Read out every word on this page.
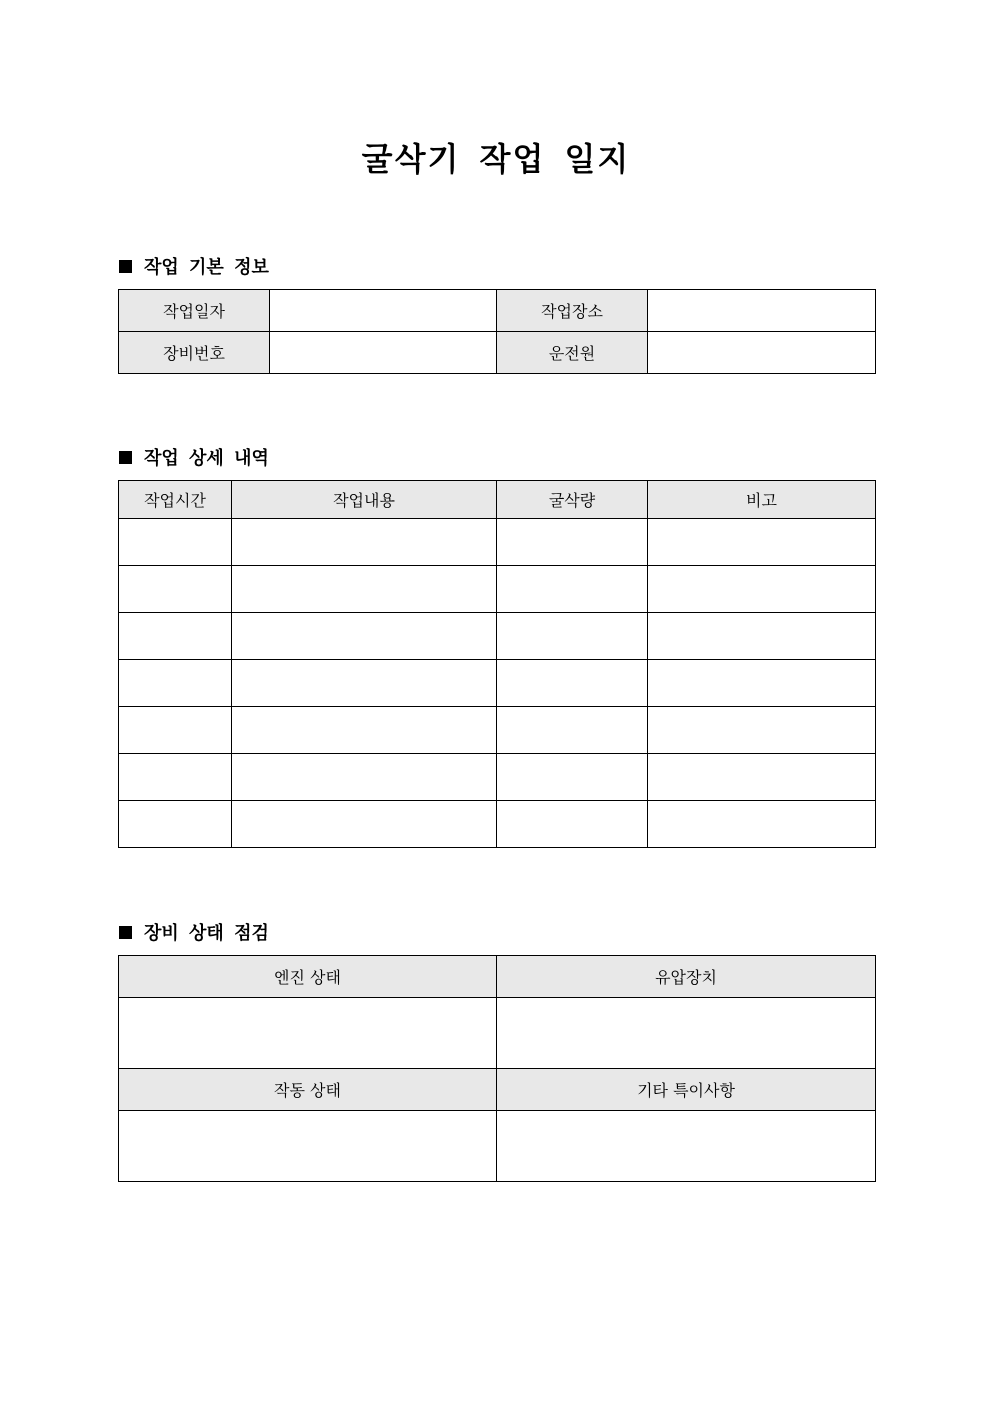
굴삭기 작업 일지
작업 기본 정보
작업일자		작업장소	
장비번호		운전원	
작업 상세 내역
작업시간	작업내용	굴삭량	비고

장비 상태 점검
엔진 상태	유압장치

작동 상태	기타 특이사항
